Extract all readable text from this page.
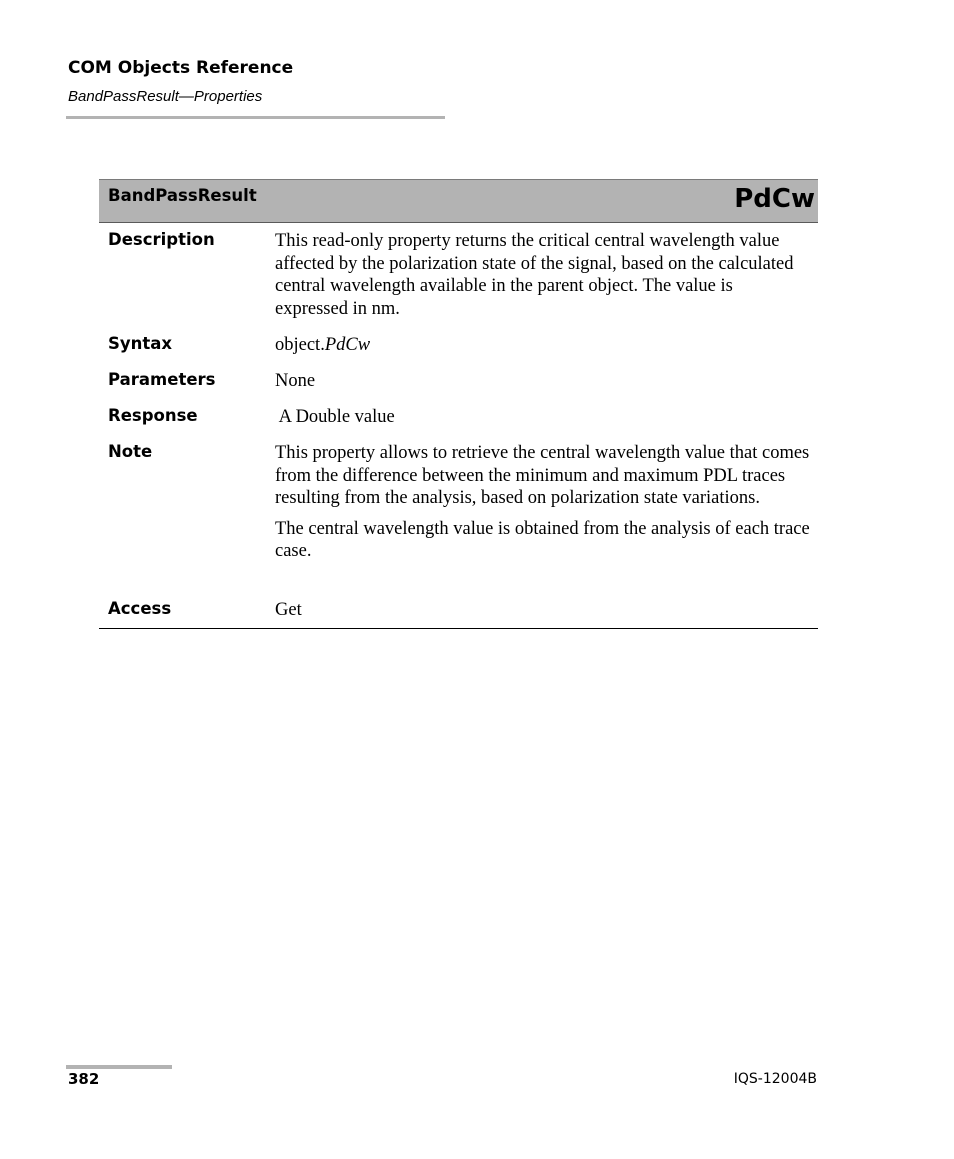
COM Objects Reference
BandPassResult—Properties
BandPassResult	PdCw
Description	This read-only property returns the critical central wavelength value affected by the polarization state of the signal, based on the calculated central wavelength available in the parent object. The value is expressed in nm.
Syntax	object.PdCw
Parameters	None
Response	A Double value
Note	This property allows to retrieve the central wavelength value that comes from the difference between the minimum and maximum PDL traces resulting from the analysis, based on polarization state variations.

The central wavelength value is obtained from the analysis of each trace case.

Access	Get
382	IQS-12004B
